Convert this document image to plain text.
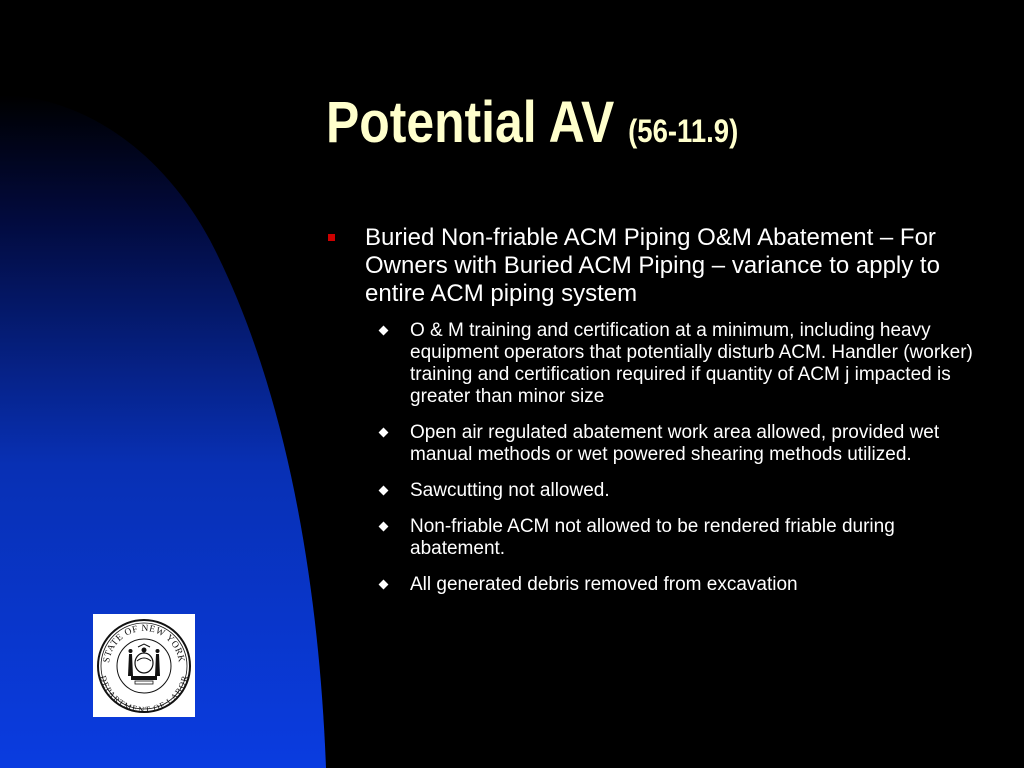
Potential AV (56-11.9)
Buried Non-friable ACM Piping O&M Abatement – For Owners with Buried ACM Piping – variance to apply to entire ACM piping system
O & M training and certification at a minimum, including heavy equipment operators that potentially disturb ACM. Handler (worker) training and certification required if quantity of ACM j impacted is greater than minor size
Open air regulated abatement work area allowed, provided wet manual methods or wet powered shearing methods utilized.
Sawcutting not allowed.
Non-friable ACM not allowed to be rendered friable during abatement.
All generated debris removed from excavation
STATE OF NEW YORK
DEPARTMENT OF LABOR
